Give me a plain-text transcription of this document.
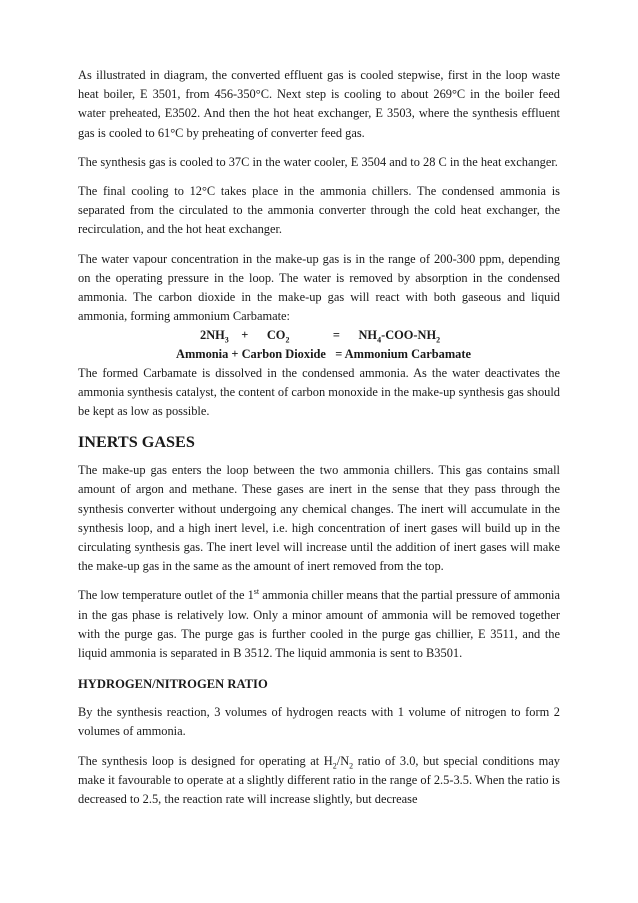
As illustrated in diagram, the converted effluent gas is cooled stepwise, first in the loop waste heat boiler, E 3501, from 456-350°C. Next step is cooling to about 269°C in the boiler feed water preheated, E3502. And then the hot heat exchanger, E 3503, where the synthesis effluent gas is cooled to 61°C by preheating of converter feed gas.

The synthesis gas is cooled to 37C in the water cooler, E 3504 and to 28 C in the heat exchanger.

The final cooling to 12°C takes place in the ammonia chillers. The condensed ammonia is separated from the circulated to the ammonia converter through the cold heat exchanger, the recirculation, and the hot heat exchanger.

The water vapour concentration in the make-up gas is in the range of 200-300 ppm, depending on the operating pressure in the loop. The water is removed by absorption in the condensed ammonia. The carbon dioxide in the make-up gas will react with both gaseous and liquid ammonia, forming ammonium Carbamate:

$2NH_3 + CO_2$	= $NH_4-COO-NH_2$
Ammonia + Carbon Dioxide   = Ammonium Carbamate

The formed Carbamate is dissolved in the condensed ammonia. As the water deactivates the ammonia synthesis catalyst, the content of carbon monoxide in the make-up synthesis gas should be kept as low as possible.

INERTS GASES

The make-up gas enters the loop between the two ammonia chillers. This gas contains small amount of argon and methane. These gases are inert in the sense that they pass through the synthesis converter without undergoing any chemical changes. The inert will accumulate in the synthesis loop, and a high inert level, i.e. high concentration of inert gases will build up in the circulating synthesis gas. The inert level will increase until the addition of inert gases will make the make-up gas in the same as the amount of inert removed from the top.

The low temperature outlet of the 1st ammonia chiller means that the partial pressure of ammonia in the gas phase is relatively low. Only a minor amount of ammonia will be removed together with the purge gas. The purge gas is further cooled in the purge gas chillier, E 3511, and the liquid ammonia is separated in B 3512. The liquid ammonia is sent to B3501.

HYDROGEN/NITROGEN RATIO

By the synthesis reaction, 3 volumes of hydrogen reacts with 1 volume of nitrogen to form 2 volumes of ammonia.

The synthesis loop is designed for operating at $H_2/N_2$ ratio of 3.0, but special conditions may make it favourable to operate at a slightly different ratio in the range of 2.5-3.5. When the ratio is decreased to 2.5, the reaction rate will increase slightly, but decrease
